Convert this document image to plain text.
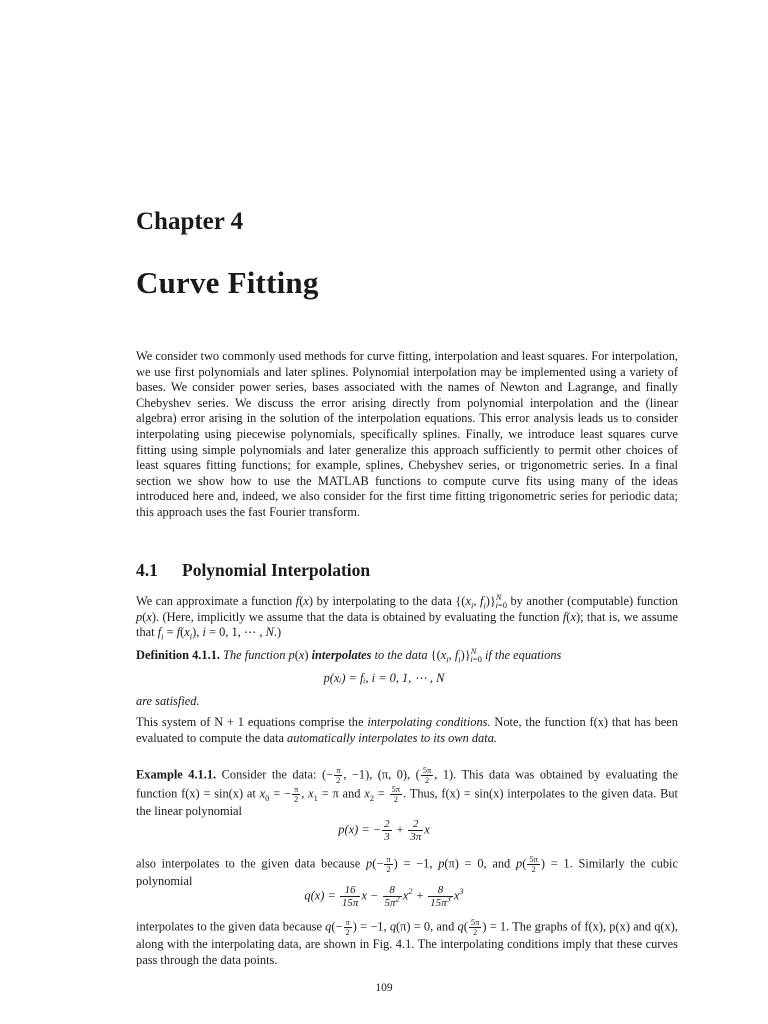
Chapter 4
Curve Fitting
We consider two commonly used methods for curve fitting, interpolation and least squares. For interpolation, we use first polynomials and later splines. Polynomial interpolation may be implemented using a variety of bases. We consider power series, bases associated with the names of Newton and Lagrange, and finally Chebyshev series. We discuss the error arising directly from polynomial interpolation and the (linear algebra) error arising in the solution of the interpolation equations. This error analysis leads us to consider interpolating using piecewise polynomials, specifically splines. Finally, we introduce least squares curve fitting using simple polynomials and later generalize this approach sufficiently to permit other choices of least squares fitting functions; for example, splines, Chebyshev series, or trigonometric series. In a final section we show how to use the MATLAB functions to compute curve fits using many of the ideas introduced here and, indeed, we also consider for the first time fitting trigonometric series for periodic data; this approach uses the fast Fourier transform.
4.1 Polynomial Interpolation
We can approximate a function f(x) by interpolating to the data {($x_i$, $f_i)\}^N_{i=0}$ by another (computable) function p(x). (Here, implicitly we assume that the data is obtained by evaluating the function f(x); that is, we assume that $f_i = f(x_i)$, i = 0, 1, ⋯ , N.)
Definition 4.1.1. The function p(x) interpolates to the data {($x_i$, $f_i)\}^N_{i=0}$ if the equations
p(xᵢ) = fᵢ, i = 0, 1, ⋯ , N
are satisfied.
This system of N + 1 equations comprise the interpolating conditions. Note, the function f(x) that has been evaluated to compute the data automatically interpolates to its own data.
Example 4.1.1. Consider the data: (− $\frac{\pi}{2}$ , −1), (π, 0), ( $\frac{5\pi}{2}$ , 1). This data was obtained by evaluating the function f(x) = sin(x) at $x_0$ = − $\frac{\pi}{2}$ , $x_1 = \pi$ and $x_2 = \frac{5\pi}{2}$ . Thus, f(x) = sin(x) interpolates to the given data. But the linear polynomial
p(x) = − $\frac{2}{3} + \frac{2}{3\pi}$ x
also interpolates to the given data because $p(- \frac{\pi}{2}$ ) = −1, p(π) = 0, and $p( \frac{5\pi}{2}$ ) = 1. Similarly the cubic polynomial
$q(x) = \frac{16}{15\pi}$ $x - \frac{8}{5\pi^2} x^2 + \frac{8}{15\pi^3} x^3$
interpolates to the given data because $q(- \frac{\pi}{2}$ ) = −1, q(π) = 0, and $q( \frac{5\pi}{2}$ ) = 1. The graphs of f(x), p(x) and q(x), along with the interpolating data, are shown in Fig. 4.1. The interpolating conditions imply that these curves pass through the data points.
109
